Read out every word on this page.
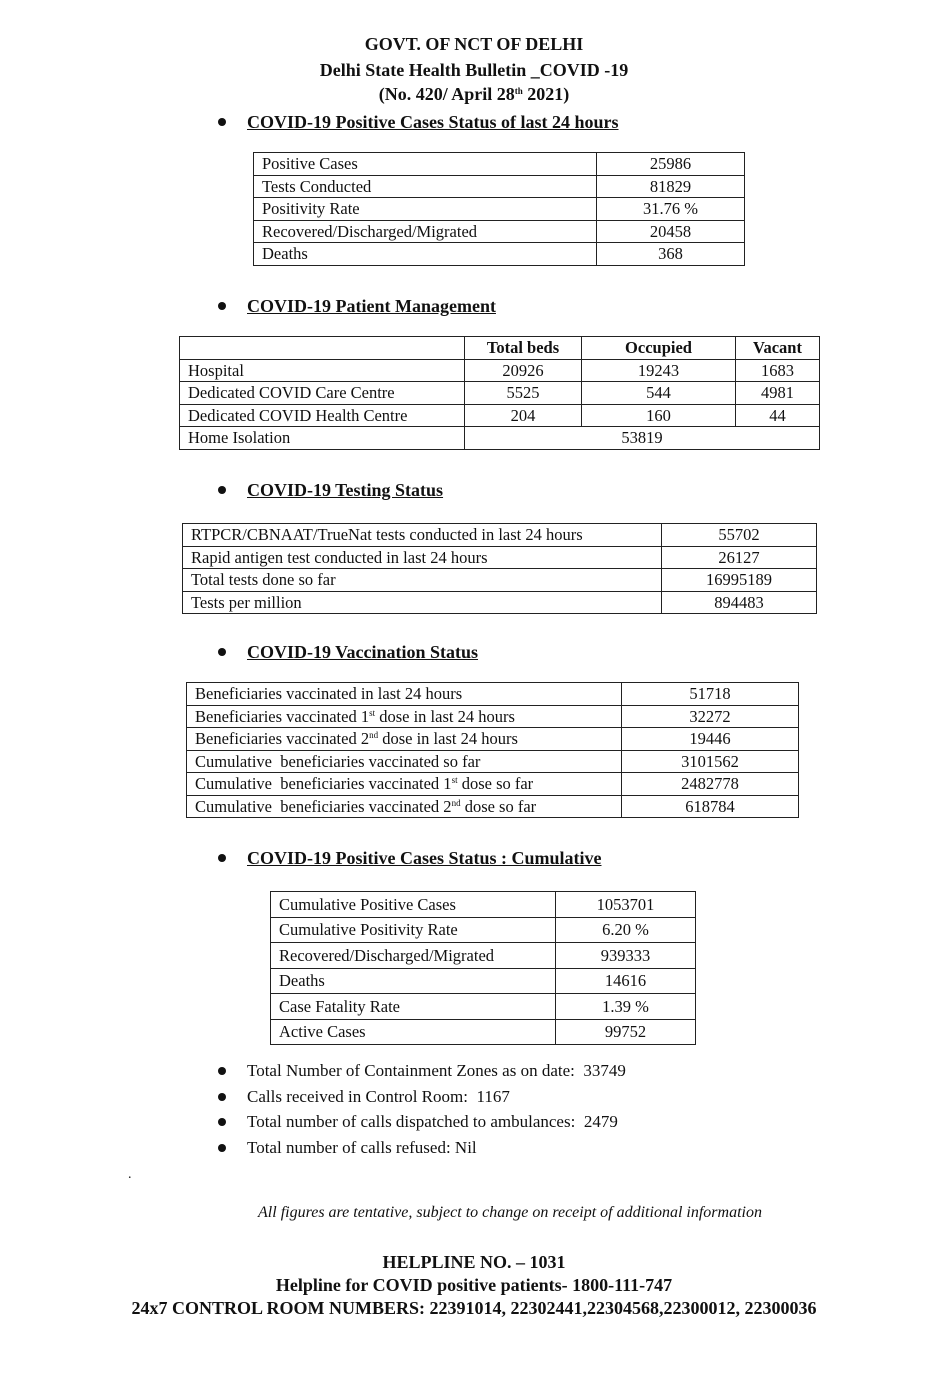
GOVT. OF NCT OF DELHI
Delhi State Health Bulletin _COVID -19
(No. 420/ April 28th 2021)
COVID-19 Positive Cases Status of last 24 hours
Positive Cases	25986
Tests Conducted	81829
Positivity Rate	31.76 %
Recovered/Discharged/Migrated	20458
Deaths	368
COVID-19 Patient Management
	Total beds	Occupied	Vacant
Hospital	20926	19243	1683
Dedicated COVID Care Centre	5525	544	4981
Dedicated COVID Health Centre	204	160	44
Home Isolation	53819		
COVID-19 Testing Status
RTPCR/CBNAAT/TrueNat tests conducted in last 24 hours	55702
Rapid antigen test conducted in last 24 hours	26127
Total tests done so far	16995189
Tests per million	894483
COVID-19 Vaccination Status
Beneficiaries vaccinated in last 24 hours	51718
Beneficiaries vaccinated 1st dose in last 24 hours	32272
Beneficiaries vaccinated 2nd dose in last 24 hours	19446
Cumulative  beneficiaries vaccinated so far	3101562
Cumulative  beneficiaries vaccinated 1st dose so far	2482778
Cumulative  beneficiaries vaccinated 2nd dose so far	618784
COVID-19 Positive Cases Status : Cumulative
Cumulative Positive Cases	1053701
Cumulative Positivity Rate	6.20 %
Recovered/Discharged/Migrated	939333
Deaths	14616
Case Fatality Rate	1.39 %
Active Cases	99752
Total Number of Containment Zones as on date:  33749
Calls received in Control Room:  1167
Total number of calls dispatched to ambulances:  2479
Total number of calls refused: Nil
.
All figures are tentative, subject to change on receipt of additional information
HELPLINE NO. – 1031
Helpline for COVID positive patients- 1800-111-747
24x7 CONTROL ROOM NUMBERS: 22391014, 22302441,22304568,22300012, 22300036
